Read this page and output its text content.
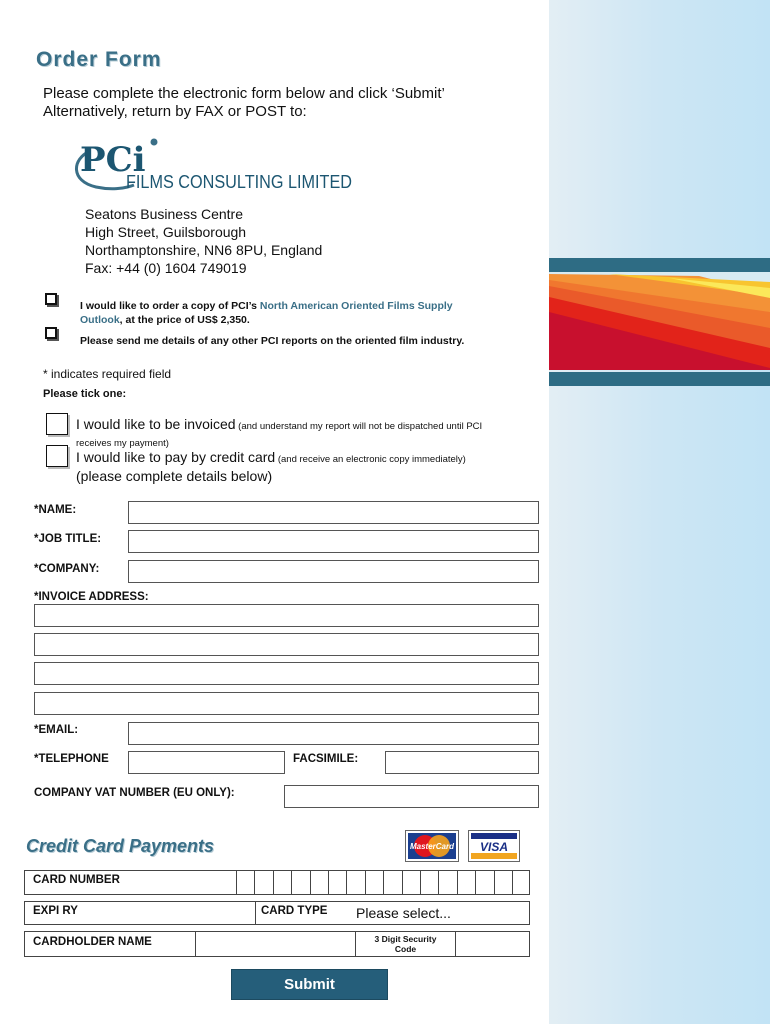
Order Form
Please complete the electronic form below and click ‘Submit’
Alternatively, return by FAX or POST to:
PCi
FILMS CONSULTING LIMITED
Seatons Business Centre
High Street, Guilsborough
Northamptonshire, NN6 8PU, England
Fax: +44 (0) 1604 749019
I would like to order a copy of PCI’s North American Oriented Films Supply
Outlook, at the price of US$ 2,350.
Please send me details of any other PCI reports on the oriented film industry.
* indicates required field
Please tick one:
I would like to be invoiced (and understand my report will not be dispatched until PCI
receives my payment)
I would like to pay by credit card (and receive an electronic copy immediately)
(please complete details below)
*NAME:
*JOB TITLE:
*COMPANY:
*INVOICE ADDRESS:
*EMAIL:
*TELEPHONE	FACSIMILE:
COMPANY VAT NUMBER (EU ONLY):
Credit Card Payments	MasterCard VISA
CARD NUMBER
EXPI RY	CARD TYPE Please select...
CARDHOLDER NAME	3 Digit Security
Code
Submit
